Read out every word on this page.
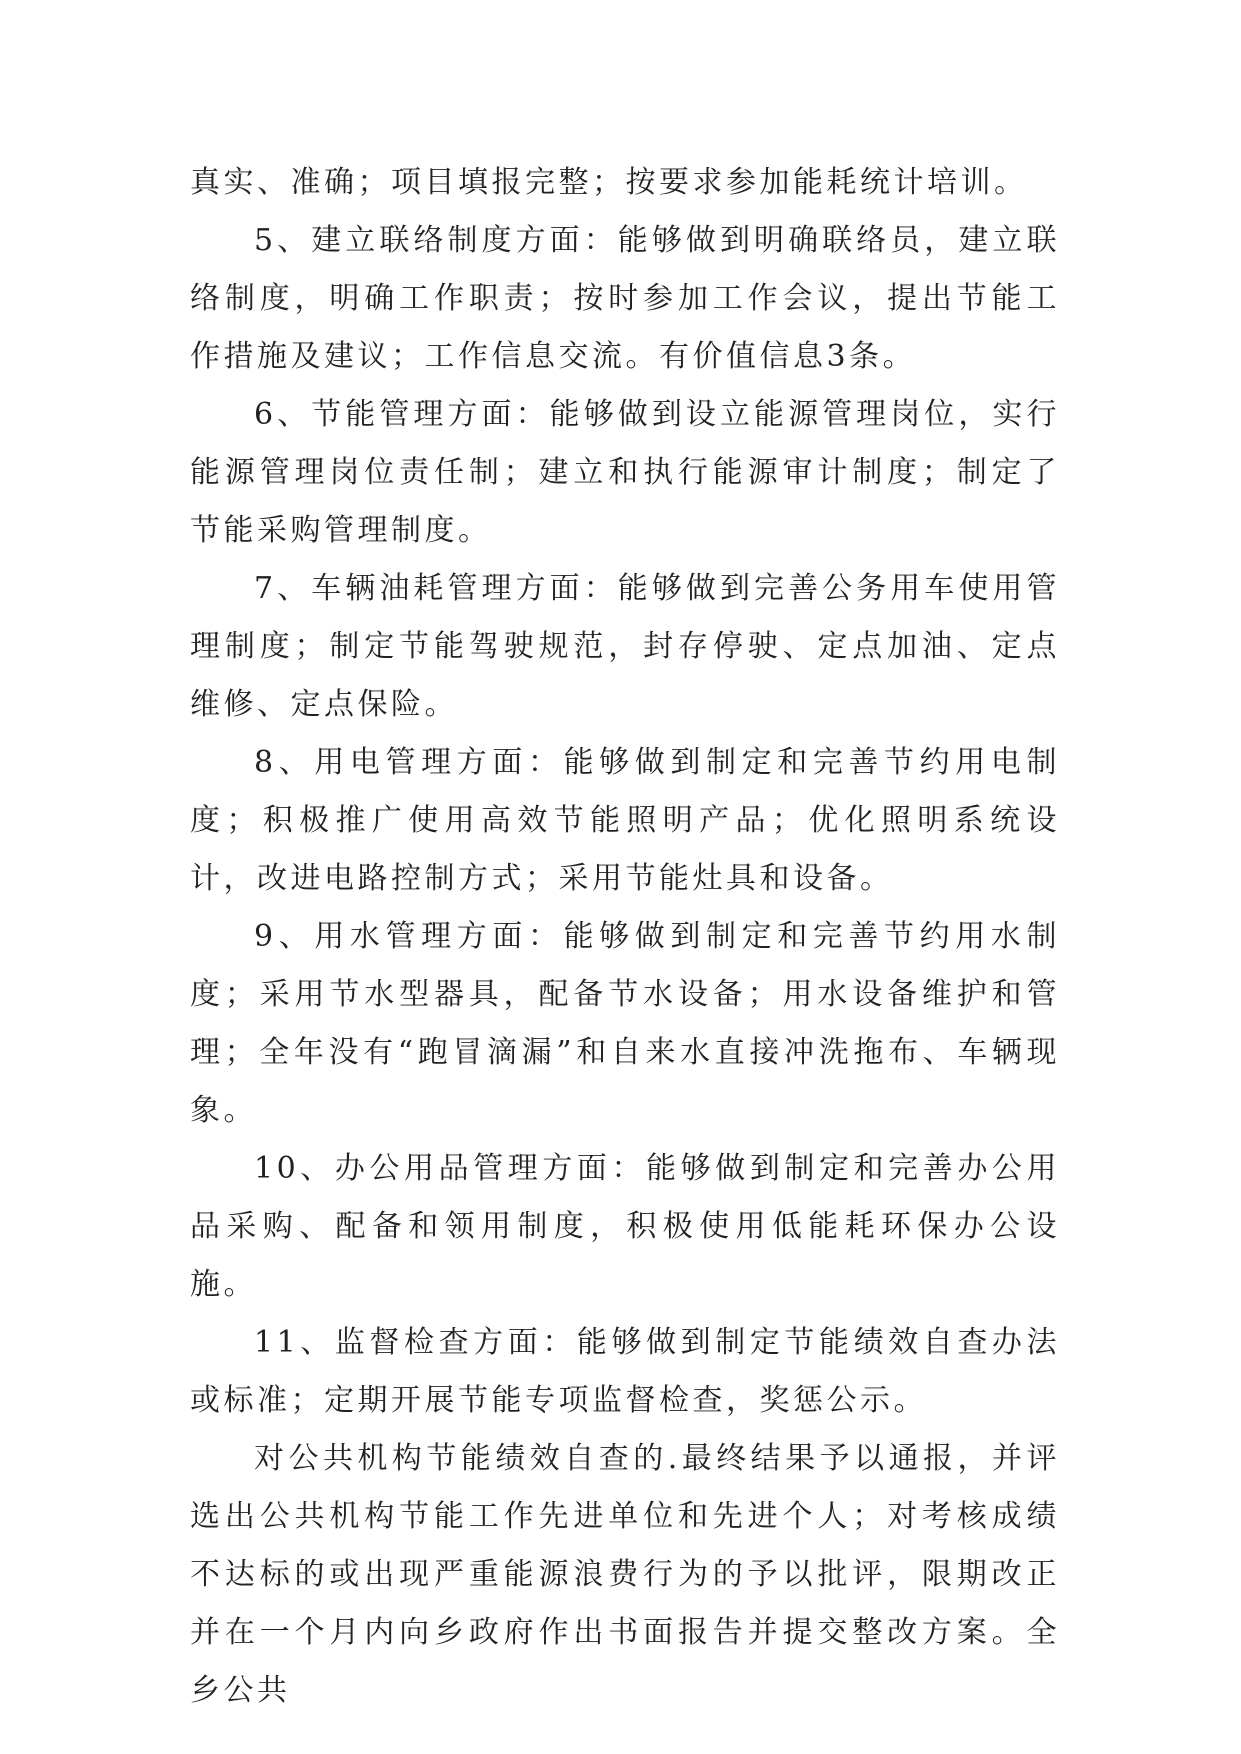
真实、准确；项目填报完整；按要求参加能耗统计培训。

5、建立联络制度方面：能够做到明确联络员，建立联络制度，明确工作职责；按时参加工作会议，提出节能工作措施及建议；工作信息交流。有价值信息3条。

6、节能管理方面：能够做到设立能源管理岗位，实行能源管理岗位责任制；建立和执行能源审计制度；制定了节能采购管理制度。

7、车辆油耗管理方面：能够做到完善公务用车使用管理制度；制定节能驾驶规范，封存停驶、定点加油、定点维修、定点保险。

8、用电管理方面：能够做到制定和完善节约用电制度；积极推广使用高效节能照明产品；优化照明系统设计，改进电路控制方式；采用节能灶具和设备。

9、用水管理方面：能够做到制定和完善节约用水制度；采用节水型器具，配备节水设备；用水设备维护和管理；全年没有“跑冒滴漏”和自来水直接冲洗拖布、车辆现象。

10、办公用品管理方面：能够做到制定和完善办公用品采购、配备和领用制度，积极使用低能耗环保办公设施。

11、监督检查方面：能够做到制定节能绩效自查办法或标准；定期开展节能专项监督检查，奖惩公示。

对公共机构节能绩效自查的.最终结果予以通报，并评选出公共机构节能工作先进单位和先进个人；对考核成绩不达标的或出现严重能源浪费行为的予以批评，限期改正并在一个月内向乡政府作出书面报告并提交整改方案。全乡公共
